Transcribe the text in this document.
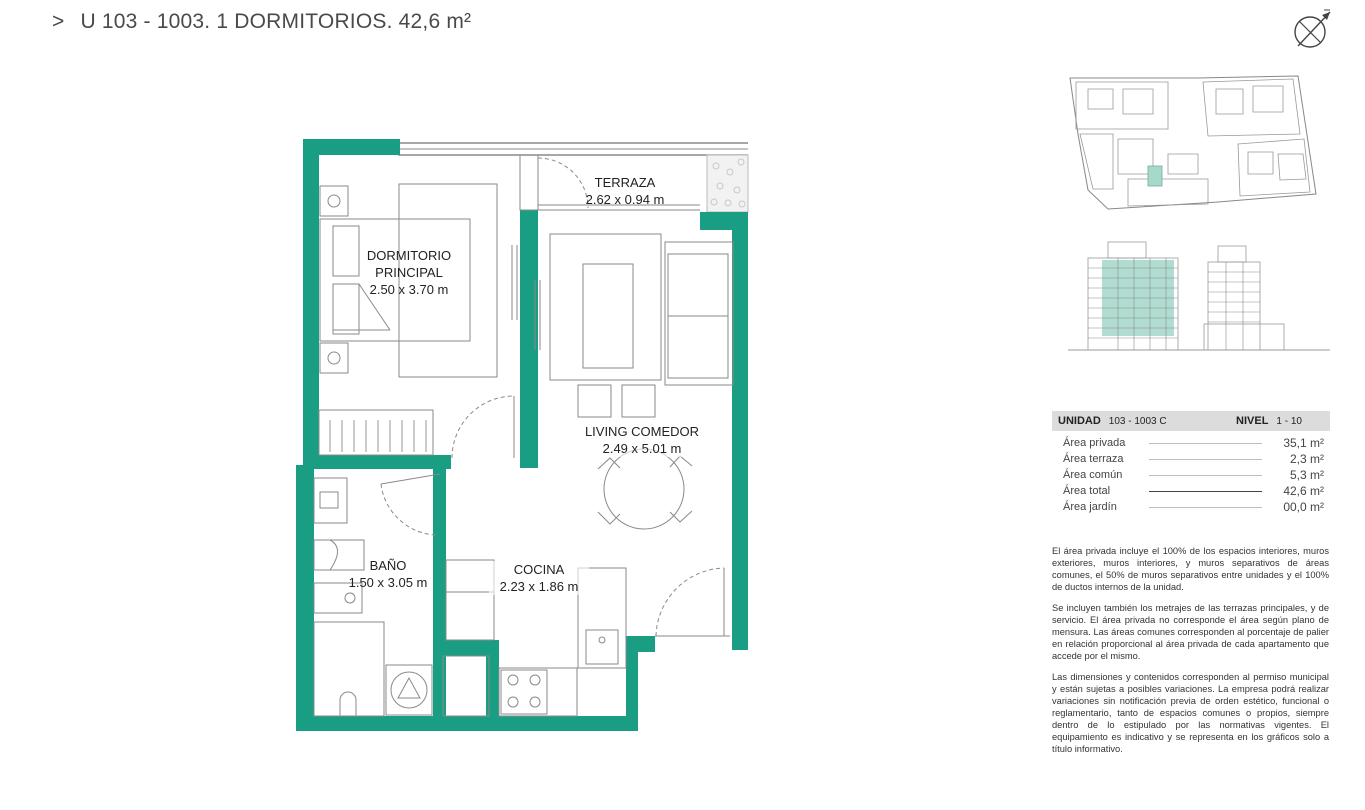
> U 103 - 1003. 1 DORMITORIOS. 42,6 m²
TERRAZA
2.62 x 0.94 m
DORMITORIO
PRINCIPAL
2.50 x 3.70 m
LIVING COMEDOR
2.49 x 5.01 m
BAÑO
1.50 x 3.05 m
COCINA
2.23 x 1.86 m
UNIDAD 103 - 1003 C	NIVEL 1 - 10
Área privada	35,1 m²
Área terraza	2,3 m²
Área común	5,3 m²
Área total	42,6 m²
Área jardín	00,0 m²

El área privada incluye el 100% de los espacios interiores, muros exteriores, muros interiores, y muros separativos de áreas comunes, el 50% de muros separativos entre unidades y el 100% de ductos internos de la unidad.

Se incluyen también los metrajes de las terrazas principales, y de servicio. El área privada no corresponde el área según plano de mensura. Las áreas comunes corresponden al porcentaje de palier en relación proporcional al área privada de cada apartamento que accede por el mismo.

Las dimensiones y contenidos corresponden al permiso municipal y están sujetas a posibles variaciones. La empresa podrá realizar variaciones sin notificación previa de orden estético, funcional o reglamentario, tanto de espacios comunes o propios, siempre dentro de lo estipulado por las normativas vigentes. El equipamiento es indicativo y se representa en los gráficos solo a título informativo.
